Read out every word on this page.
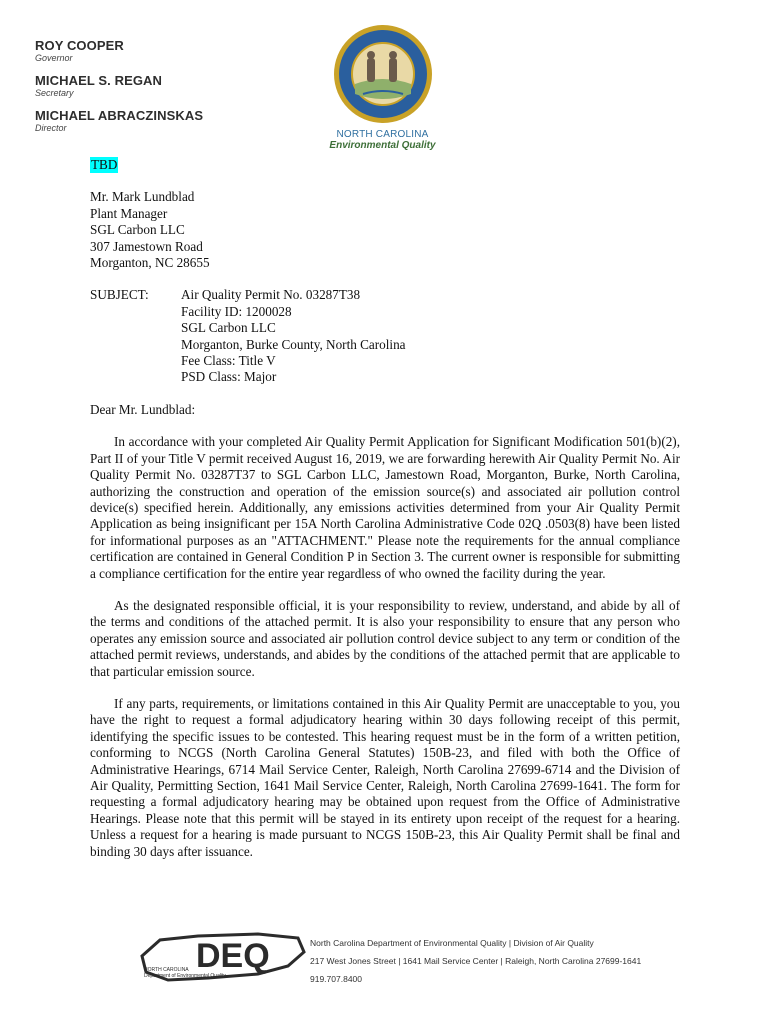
ROY COOPER
Governor
MICHAEL S. REGAN
Secretary
MICHAEL ABRACZINSKAS
Director
NORTH CAROLINA
Environmental Quality
TBD
Mr. Mark Lundblad
Plant Manager
SGL Carbon LLC
307 Jamestown Road
Morganton, NC 28655
SUBJECT:	Air Quality Permit No. 03287T38
Facility ID: 1200028
SGL Carbon LLC
Morganton, Burke County, North Carolina
Fee Class: Title V
PSD Class: Major
Dear Mr. Lundblad:

In accordance with your completed Air Quality Permit Application for Significant Modification 501(b)(2), Part II of your Title V permit received August 16, 2019, we are forwarding herewith Air Quality Permit No. Air Quality Permit No. 03287T37 to SGL Carbon LLC, Jamestown Road, Morganton, Burke, North Carolina, authorizing the construction and operation of the emission source(s) and associated air pollution control device(s) specified herein. Additionally, any emissions activities determined from your Air Quality Permit Application as being insignificant per 15A North Carolina Administrative Code 02Q .0503(8) have been listed for informational purposes as an "ATTACHMENT." Please note the requirements for the annual compliance certification are contained in General Condition P in Section 3. The current owner is responsible for submitting a compliance certification for the entire year regardless of who owned the facility during the year.

As the designated responsible official, it is your responsibility to review, understand, and abide by all of the terms and conditions of the attached permit. It is also your responsibility to ensure that any person who operates any emission source and associated air pollution control device subject to any term or condition of the attached permit reviews, understands, and abides by the conditions of the attached permit that are applicable to that particular emission source.

If any parts, requirements, or limitations contained in this Air Quality Permit are unacceptable to you, you have the right to request a formal adjudicatory hearing within 30 days following receipt of this permit, identifying the specific issues to be contested. This hearing request must be in the form of a written petition, conforming to NCGS (North Carolina General Statutes) 150B-23, and filed with both the Office of Administrative Hearings, 6714 Mail Service Center, Raleigh, North Carolina 27699-6714 and the Division of Air Quality, Permitting Section, 1641 Mail Service Center, Raleigh, North Carolina 27699-1641. The form for requesting a formal adjudicatory hearing may be obtained upon request from the Office of Administrative Hearings. Please note that this permit will be stayed in its entirety upon receipt of the request for a hearing. Unless a request for a hearing is made pursuant to NCGS 150B-23, this Air Quality Permit shall be final and binding 30 days after issuance.

DEQ
NORTH CAROLINA
Department of Environmental Quality
North Carolina Department of Environmental Quality | Division of Air Quality
217 West Jones Street | 1641 Mail Service Center | Raleigh, North Carolina 27699-1641
919.707.8400
